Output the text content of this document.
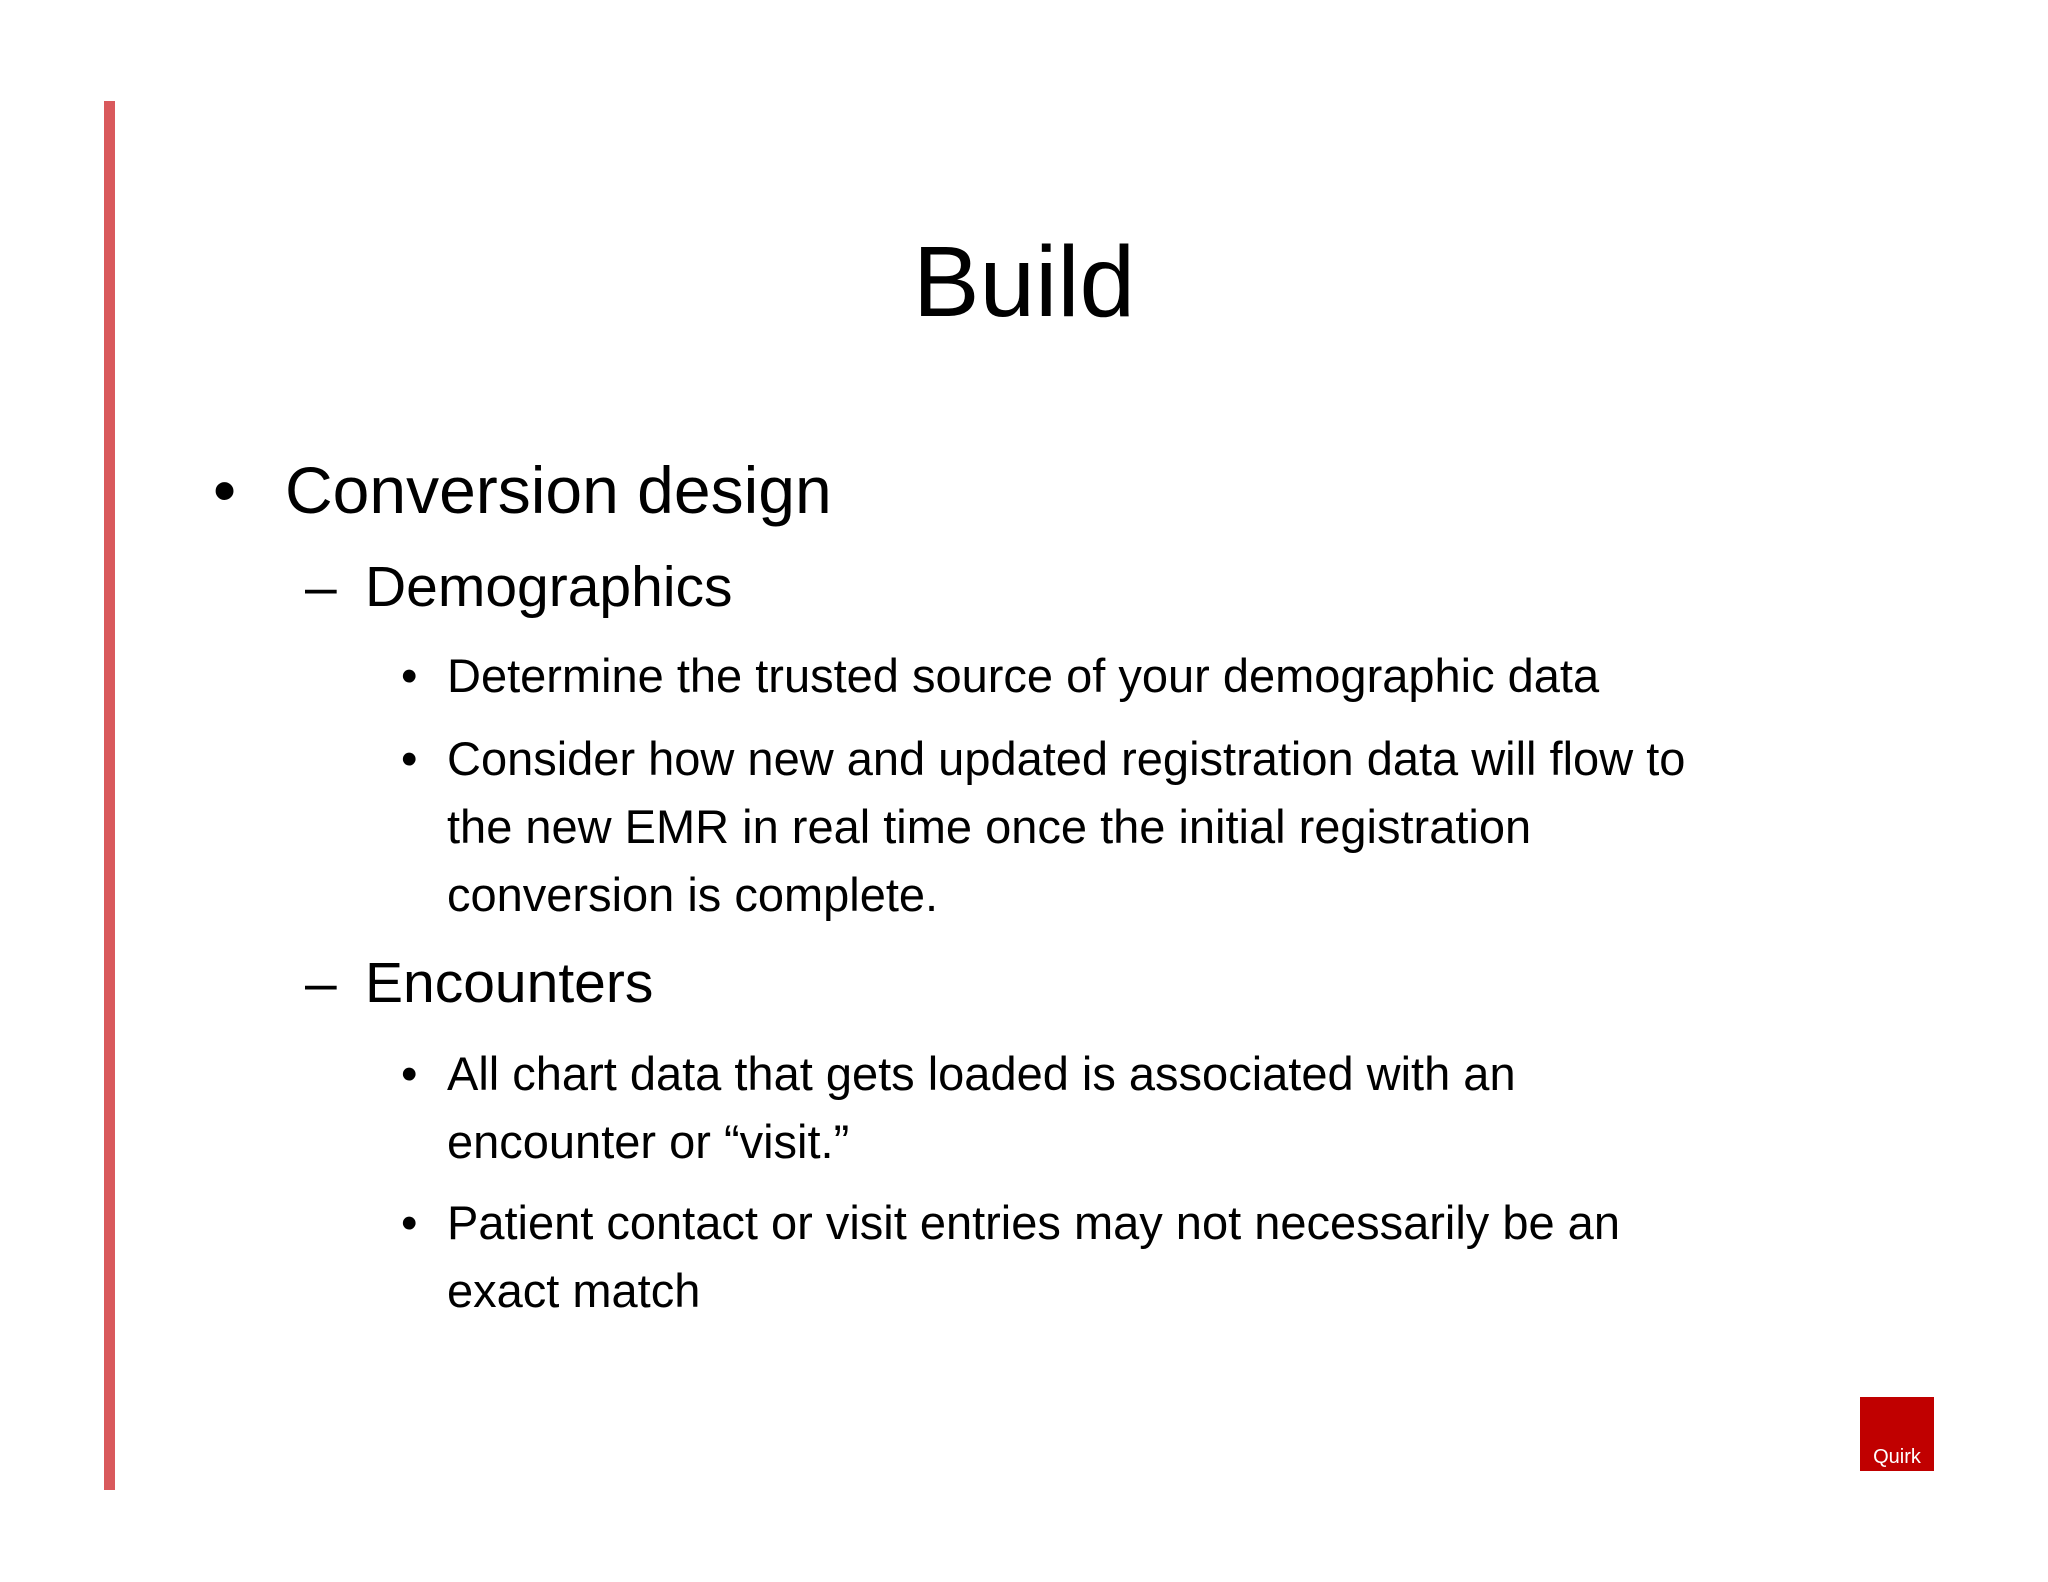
Build
• Conversion design
– Demographics
• Determine the trusted source of your demographic data
• Consider how new and updated registration data will flow to
the new EMR in real time once the initial registration
conversion is complete.
– Encounters
• All chart data that gets loaded is associated with an
encounter or “visit.”
• Patient contact or visit entries may not necessarily be an
exact match
Quirk
